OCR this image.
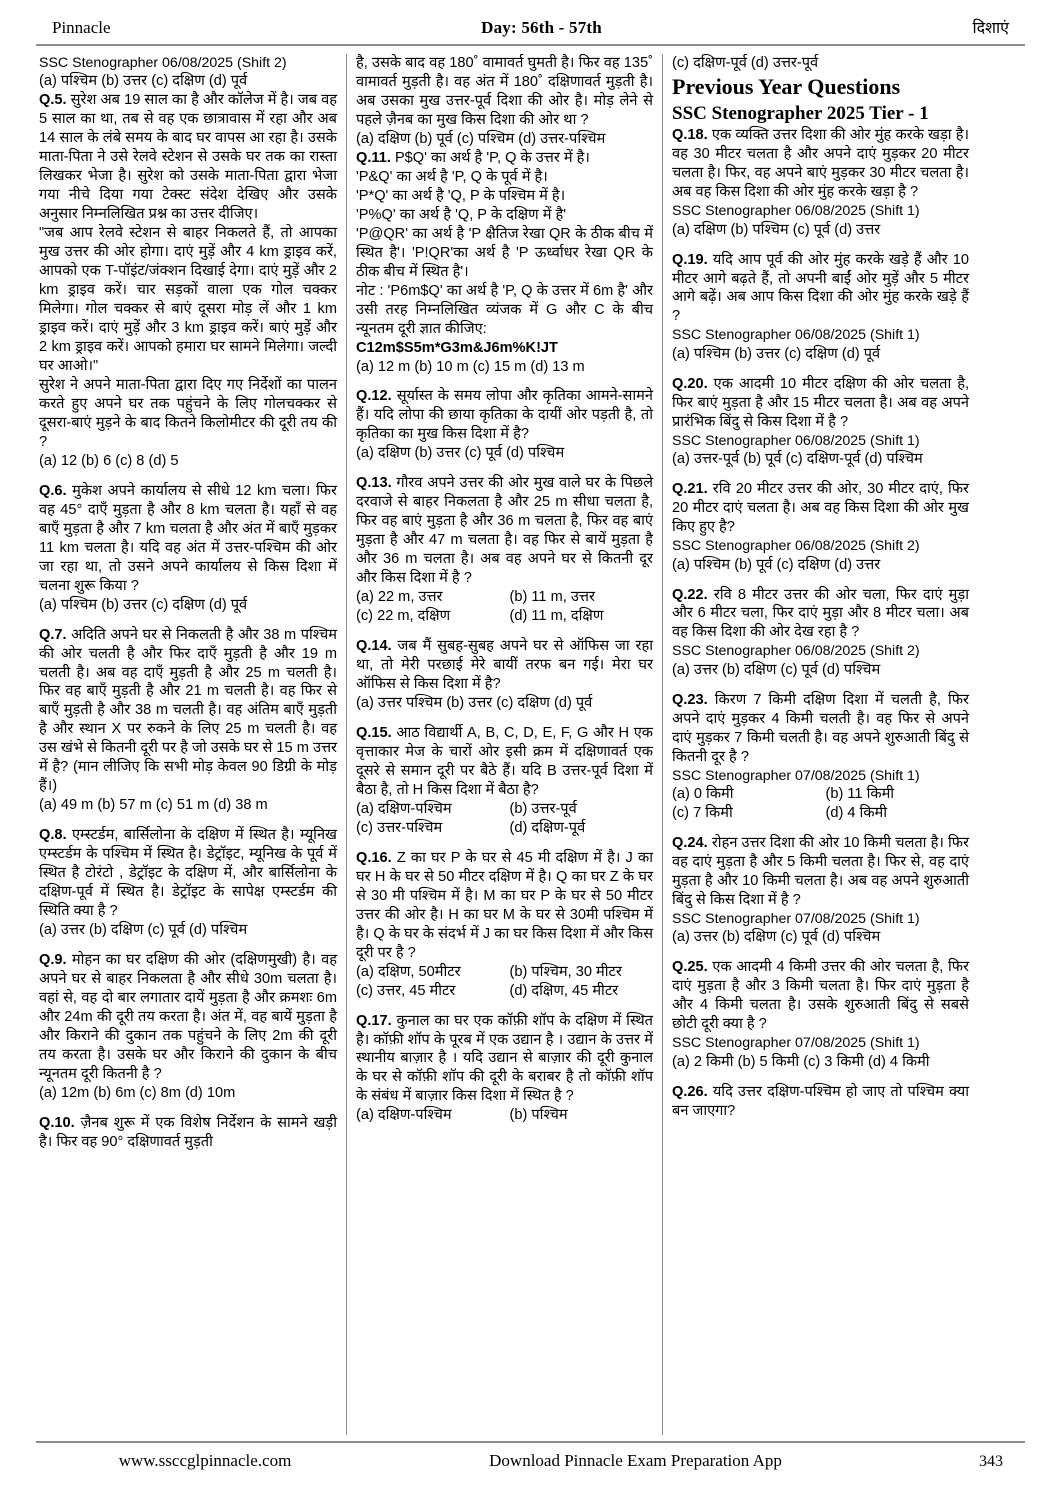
Pinnacle	Day: 56th - 57th	दिशाएं

SSC Stenographer 06/08/2025 (Shift 2)

(a) पश्चिम (b) उत्तर (c) दक्षिण (d) पूर्व

Q.5. सुरेश अब 19 साल का है और कॉलेज में है। जब वह 5 साल का था, तब से वह एक छात्रावास में रहा और अब 14 साल के लंबे समय के बाद घर वापस आ रहा है। उसके माता-पिता ने उसे रेलवे स्टेशन से उसके घर तक का रास्ता लिखकर भेजा है। सुरेश को उसके माता-पिता द्वारा भेजा गया नीचे दिया गया टेक्स्ट संदेश देखिए और उसके अनुसार निम्नलिखित प्रश्न का उत्तर दीजिए।

"जब आप रेलवे स्टेशन से बाहर निकलते हैं, तो आपका मुख उत्तर की ओर होगा। दाएं मुड़ें और 4 km ड्राइव करें, आपको एक T-पॉइंट/जंक्शन दिखाई देगा। दाएं मुड़ें और 2 km ड्राइव करें। चार सड़कों वाला एक गोल चक्कर मिलेगा। गोल चक्कर से बाएं दूसरा मोड़ लें और 1 km ड्राइव करें। दाएं मुड़ें और 3 km ड्राइव करें। बाएं मुड़ें और 2 km ड्राइव करें। आपको हमारा घर सामने मिलेगा। जल्दी घर आओ।"

सुरेश ने अपने माता-पिता द्वारा दिए गए निर्देशों का पालन करते हुए अपने घर तक पहुंचने के लिए गोलचक्कर से दूसरा-बाएं मुड़ने के बाद कितने किलोमीटर की दूरी तय की ?

(a) 12 (b) 6 (c) 8 (d) 5

Q.6. मुकेश अपने कार्यालय से सीधे 12 km चला। फिर वह 45° दाएँ मुड़ता है और 8 km चलता है। यहाँ से वह बाएँ मुड़ता है और 7 km चलता है और अंत में बाएँ मुड़कर 11 km चलता है। यदि वह अंत में उत्तर-पश्चिम की ओर जा रहा था, तो उसने अपने कार्यालय से किस दिशा में चलना शुरू किया ?

(a) पश्चिम (b) उत्तर (c) दक्षिण (d) पूर्व

Q.7. अदिति अपने घर से निकलती है और 38 m पश्चिम की ओर चलती है और फिर दाएँ मुड़ती है और 19 m चलती है। अब वह दाएँ मुड़ती है और 25 m चलती है। फिर वह बाएँ मुड़ती है और 21 m चलती है। वह फिर से बाएँ मुड़ती है और 38 m चलती है। वह अंतिम बाएँ मुड़ती है और स्थान X पर रुकने के लिए 25 m चलती है। वह उस खंभे से कितनी दूरी पर है जो उसके घर से 15 m उत्तर में है? (मान लीजिए कि सभी मोड़ केवल 90 डिग्री के मोड़ हैं।)

(a) 49 m (b) 57 m (c) 51 m (d) 38 m

Q.8. एम्स्टर्डम, बार्सिलोना के दक्षिण में स्थित है। म्यूनिख एम्स्टर्डम के पश्चिम में स्थित है। डेट्रॉइट, म्यूनिख के पूर्व में स्थित है टोरंटो , डेट्रॉइट के दक्षिण में, और बार्सिलोना के दक्षिण-पूर्व में स्थित है। डेट्रॉइट के सापेक्ष एम्स्टर्डम की स्थिति क्या है ?

(a) उत्तर (b) दक्षिण (c) पूर्व (d) पश्चिम

Q.9. मोहन का घर दक्षिण की ओर (दक्षिणमुखी) है। वह अपने घर से बाहर निकलता है और सीधे 30m चलता है। वहां से, वह दो बार लगातार दायें मुड़ता है और क्रमशः 6m और 24m की दूरी तय करता है। अंत में, वह बायें मुड़ता है और किराने की दुकान तक पहुंचने के लिए 2m की दूरी तय करता है। उसके घर और किराने की दुकान के बीच न्यूनतम दूरी कितनी है ?

(a) 12m (b) 6m (c) 8m (d) 10m

Q.10. ज़ैनब शुरू में एक विशेष निर्देशन के सामने खड़ी है। फिर वह 90° दक्षिणावर्त मुड़ती

है, उसके बाद वह 180˚ वामावर्त घुमती है। फिर वह 135˚ वामावर्त मुड़ती है। वह अंत में 180˚ दक्षिणावर्त मुड़ती है। अब उसका मुख उत्तर-पूर्व दिशा की ओर है। मोड़ लेने से पहले ज़ैनब का मुख किस दिशा की ओर था ?

(a) दक्षिण (b) पूर्व (c) पश्चिम (d) उत्तर-पश्चिम

Q.11. P$Q' का अर्थ है 'P, Q के उत्तर में है।

'P&Q' का अर्थ है 'P, Q के पूर्व में है।

'P*Q' का अर्थ है 'Q, P के पश्चिम में है।

'P%Q' का अर्थ है 'Q, P के दक्षिण में है'

'P@QR' का अर्थ है 'P क्षैतिज रेखा QR के ठीक बीच में स्थित है'। 'P!QR'का अर्थ है 'P ऊर्ध्वाधर रेखा QR के ठीक बीच में स्थित है'।

नोट : 'P6m$Q' का अर्थ है 'P, Q के उत्तर में 6m है' और उसी तरह निम्नलिखित व्यंजक में G और C के बीच न्यूनतम दूरी ज्ञात कीजिए:

C12m$S5m*G3m&J6m%K!JT

(a) 12 m (b) 10 m (c) 15 m (d) 13 m

Q.12. सूर्यास्त के समय लोपा और कृतिका आमने-सामने हैं। यदि लोपा की छाया कृतिका के दायीं ओर पड़ती है, तो कृतिका का मुख किस दिशा में है?

(a) दक्षिण (b) उत्तर (c) पूर्व (d) पश्चिम

Q.13. गौरव अपने उत्तर की ओर मुख वाले घर के पिछले दरवाजे से बाहर निकलता है और 25 m सीधा चलता है, फिर वह बाएं मुड़ता है और 36 m चलता है, फिर वह बाएं मुड़ता है और 47 m चलता है। वह फिर से बायें मुड़ता है और 36 m चलता है। अब वह अपने घर से कितनी दूर और किस दिशा में है ?

(a) 22 m, उत्तर	(b) 11 m, उत्तर
(c) 22 m, दक्षिण	(d) 11 m, दक्षिण

Q.14. जब मैं सुबह-सुबह अपने घर से ऑफिस जा रहा था, तो मेरी परछाई मेरे बायीं तरफ बन गई। मेरा घर ऑफिस से किस दिशा में है?

(a) उत्तर पश्चिम (b) उत्तर (c) दक्षिण (d) पूर्व

Q.15. आठ विद्यार्थी A, B, C, D, E, F, G और H एक वृत्ताकार मेज के चारों ओर इसी क्रम में दक्षिणावर्त एक दूसरे से समान दूरी पर बैठे हैं। यदि B उत्तर-पूर्व दिशा में बैठा है, तो H किस दिशा में बैठा है?

(a) दक्षिण-पश्चिम	(b) उत्तर-पूर्व
(c) उत्तर-पश्चिम	(d) दक्षिण-पूर्व

Q.16. Z का घर P के घर से 45 मी दक्षिण में है। J का घर H के घर से 50 मीटर दक्षिण में है। Q का घर Z के घर से 30 मी पश्चिम में है। M का घर P के घर से 50 मीटर उत्तर की ओर है। H का घर M के घर से 30मी पश्चिम में है। Q के घर के संदर्भ में J का घर किस दिशा में और किस दूरी पर है ?

(a) दक्षिण, 50मीटर	(b) पश्चिम, 30 मीटर
(c) उत्तर, 45 मीटर	(d) दक्षिण, 45 मीटर

Q.17. कुनाल का घर एक कॉफ़ी शॉप के दक्षिण में स्थित है। कॉफ़ी शॉप के पूरब में एक उद्यान है । उद्यान के उत्तर में स्थानीय बाज़ार है । यदि उद्यान से बाज़ार की दूरी कुनाल के घर से कॉफ़ी शॉप की दूरी के बराबर है तो कॉफ़ी शॉप के संबंध में बाज़ार किस दिशा में स्थित है ?

(a) दक्षिण-पश्चिम	(b) पश्चिम

(c) दक्षिण-पूर्व (d) उत्तर-पूर्व

Previous Year Questions

SSC Stenographer 2025 Tier - 1

Q.18. एक व्यक्ति उत्तर दिशा की ओर मुंह करके खड़ा है। वह 30 मीटर चलता है और अपने दाएं मुड़कर 20 मीटर चलता है। फिर, वह अपने बाएं मुड़कर 30 मीटर चलता है। अब वह किस दिशा की ओर मुंह करके खड़ा है ?

SSC Stenographer 06/08/2025 (Shift 1)

(a) दक्षिण (b) पश्चिम (c) पूर्व (d) उत्तर

Q.19. यदि आप पूर्व की ओर मुंह करके खड़े हैं और 10 मीटर आगे बढ़ते हैं, तो अपनी बाईं ओर मुड़ें और 5 मीटर आगे बढ़ें। अब आप किस दिशा की ओर मुंह करके खड़े हैं ?

SSC Stenographer 06/08/2025 (Shift 1)

(a) पश्चिम (b) उत्तर (c) दक्षिण (d) पूर्व

Q.20. एक आदमी 10 मीटर दक्षिण की ओर चलता है, फिर बाएं मुड़ता है और 15 मीटर चलता है। अब वह अपने प्रारंभिक बिंदु से किस दिशा में है ?

SSC Stenographer 06/08/2025 (Shift 1)

(a) उत्तर-पूर्व (b) पूर्व (c) दक्षिण-पूर्व (d) पश्चिम

Q.21. रवि 20 मीटर उत्तर की ओर, 30 मीटर दाएं, फिर 20 मीटर दाएं चलता है। अब वह किस दिशा की ओर मुख किए हुए है?

SSC Stenographer 06/08/2025 (Shift 2)

(a) पश्चिम (b) पूर्व (c) दक्षिण (d) उत्तर

Q.22. रवि 8 मीटर उत्तर की ओर चला, फिर दाएं मुड़ा और 6 मीटर चला, फिर दाएं मुड़ा और 8 मीटर चला। अब वह किस दिशा की ओर देख रहा है ?

SSC Stenographer 06/08/2025 (Shift 2)

(a) उत्तर (b) दक्षिण (c) पूर्व (d) पश्चिम

Q.23. किरण 7 किमी दक्षिण दिशा में चलती है, फिर अपने दाएं मुड़कर 4 किमी चलती है। वह फिर से अपने दाएं मुड़कर 7 किमी चलती है। वह अपने शुरुआती बिंदु से कितनी दूर है ?

SSC Stenographer 07/08/2025 (Shift 1)

(a) 0 किमी	(b) 11 किमी
(c) 7 किमी	(d) 4 किमी

Q.24. रोहन उत्तर दिशा की ओर 10 किमी चलता है। फिर वह दाएं मुड़ता है और 5 किमी चलता है। फिर से, वह दाएं मुड़ता है और 10 किमी चलता है। अब वह अपने शुरुआती बिंदु से किस दिशा में है ?

SSC Stenographer 07/08/2025 (Shift 1)

(a) उत्तर (b) दक्षिण (c) पूर्व (d) पश्चिम

Q.25. एक आदमी 4 किमी उत्तर की ओर चलता है, फिर दाएं मुड़ता है और 3 किमी चलता है। फिर दाएं मुड़ता है और 4 किमी चलता है। उसके शुरुआती बिंदु से सबसे छोटी दूरी क्या है ?

SSC Stenographer 07/08/2025 (Shift 1)

(a) 2 किमी (b) 5 किमी (c) 3 किमी (d) 4 किमी

Q.26. यदि उत्तर दक्षिण-पश्चिम हो जाए तो पश्चिम क्या बन जाएगा?

www.ssccglpinnacle.com	Download Pinnacle Exam Preparation App	343
